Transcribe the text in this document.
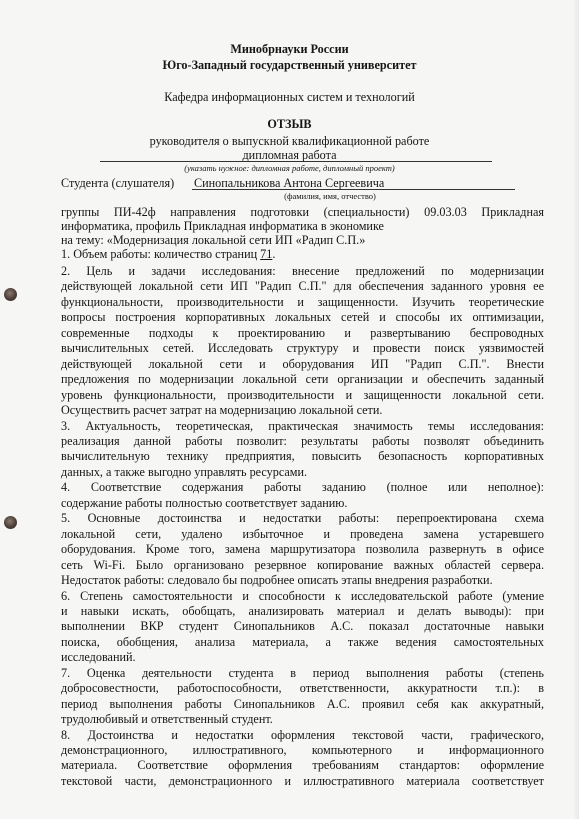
Минобрнауки России
Юго-Западный государственный университет
Кафедра информационных систем и технологий
ОТЗЫВ
руководителя о выпускной квалификационной работе
дипломная работа
(указать нужное: дипломная работе, дипломный проект)
Студента (слушателя) Синопальникова Антона Сергеевича
(фамилия, имя, отчество)
группы ПИ-42ф направления подготовки (специальности) 09.03.03 Прикладная
информатика, профиль Прикладная информатика в экономике
на тему: «Модернизация локальной сети ИП «Радип С.П.»
1. Объем работы: количество страниц 71.
2. Цель и задачи исследования: внесение предложений по модернизации
действующей локальной сети ИП "Радип С.П." для обеспечения заданного уровня ее
функциональности, производительности и защищенности. Изучить теоретические
вопросы построения корпоративных локальных сетей и способы их оптимизации,
современные подходы к проектированию и развертыванию беспроводных
вычислительных сетей. Исследовать структуру и провести поиск уязвимостей
действующей локальной сети и оборудования ИП "Радип С.П.". Внести
предложения по модернизации локальной сети организации и обеспечить заданный
уровень функциональности, производительности и защищенности локальной сети.
Осуществить расчет затрат на модернизацию локальной сети.
3. Актуальность, теоретическая, практическая значимость темы исследования:
реализация данной работы позволит: результаты работы позволят объединить
вычислительную технику предприятия, повысить безопасность корпоративных
данных, а также выгодно управлять ресурсами.
4. Соответствие содержания работы заданию (полное или неполное):
содержание работы полностью соответствует заданию.
5. Основные достоинства и недостатки работы: перепроектирована схема
локальной сети, удалено избыточное и проведена замена устаревшего
оборудования. Кроме того, замена маршрутизатора позволила развернуть в офисе
сеть Wi-Fi. Было организовано резервное копирование важных областей сервера.
Недостаток работы: следовало бы подробнее описать этапы внедрения разработки.
6. Степень самостоятельности и способности к исследовательской работе (умение
и навыки искать, обобщать, анализировать материал и делать выводы): при
выполнении ВКР студент Синопальников А.С. показал достаточные навыки
поиска, обобщения, анализа материала, а также ведения самостоятельных
исследований.
7. Оценка деятельности студента в период выполнения работы (степень
добросовестности, работоспособности, ответственности, аккуратности т.п.): в
период выполнения работы Синопальников А.С. проявил себя как аккуратный,
трудолюбивый и ответственный студент.
8. Достоинства и недостатки оформления текстовой части, графического,
демонстрационного, иллюстративного, компьютерного и информационного
материала. Соответствие оформления требованиям стандартов: оформление
текстовой части, демонстрационного и иллюстративного материала соответствует
